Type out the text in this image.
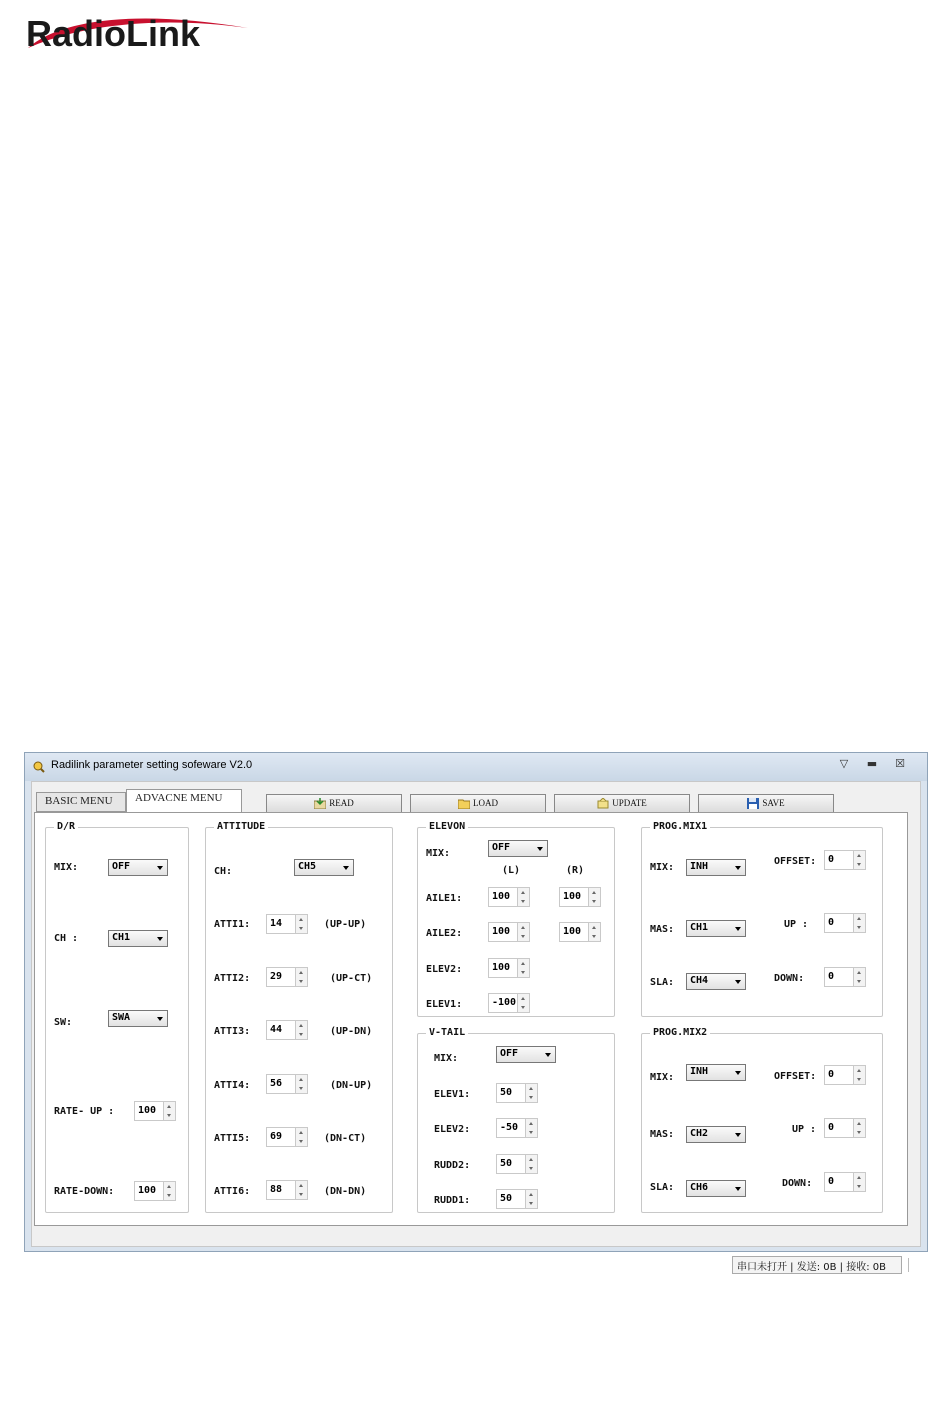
RadioLink
Radilink parameter setting sofeware V2.0	▽	▬	☒
BASIC MENU	ADVACNE MENU	READ	LOAD	UPDATE	SAVE
D/R
MIX:	OFF
CH :	CH1
SW:	SWA
RATE- UP : 100
RATE-DOWN: 100
ATTITUDE
CH:	CH5
ATTI1: 14	(UP-UP)
ATTI2: 29	(UP-CT)
ATTI3: 44	(UP-DN)
ATTI4: 56	(DN-UP)
ATTI5: 69	(DN-CT)
ATTI6: 88	(DN-DN)
ELEVON
MIX:
OFF
(L)	(R)
AILE1:	100	100
AILE2:	100	100
ELEV2:	100
ELEV1:	-100
V-TAIL
MIX:	OFF
ELEV1:	50
ELEV2:	-50
RUDD2:	50
RUDD1:	50
PROG.MIX1
MIX: INH
MAS: CH1
SLA: CH4
OFFSET: 0
UP : 0
DOWN: 0
PROG.MIX2
MIX:
INH
MAS: CH2
SLA: CH6
OFFSET: 0
UP : 0
DOWN: 0
串口未打开 | 发送: 0B | 接收: 0B
